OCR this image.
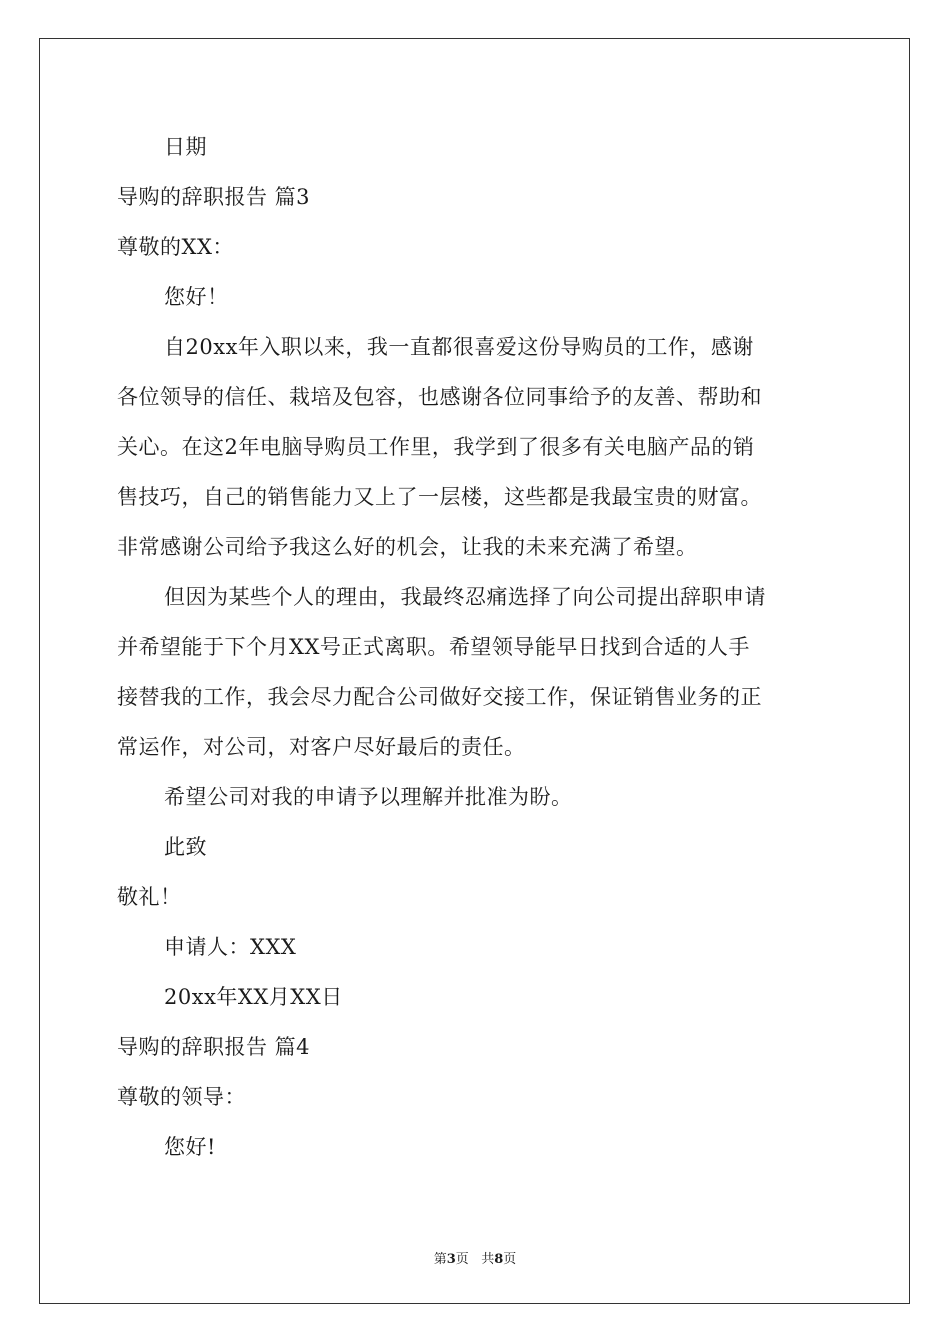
日期
导购的辞职报告 篇3
尊敬的XX：
您好！
自20xx年入职以来，我一直都很喜爱这份导购员的工作，感谢
各位领导的信任、栽培及包容，也感谢各位同事给予的友善、帮助和
关心。在这2年电脑导购员工作里，我学到了很多有关电脑产品的销
售技巧，自己的销售能力又上了一层楼，这些都是我最宝贵的财富。
非常感谢公司给予我这么好的机会，让我的未来充满了希望。
但因为某些个人的理由，我最终忍痛选择了向公司提出辞职申请
并希望能于下个月XX号正式离职。希望领导能早日找到合适的人手
接替我的工作，我会尽力配合公司做好交接工作，保证销售业务的正
常运作，对公司，对客户尽好最后的责任。
希望公司对我的申请予以理解并批准为盼。
此致
敬礼！
申请人：XXX
20xx年XX月XX日
导购的辞职报告 篇4
尊敬的领导：
您好!
第3页   共8页
